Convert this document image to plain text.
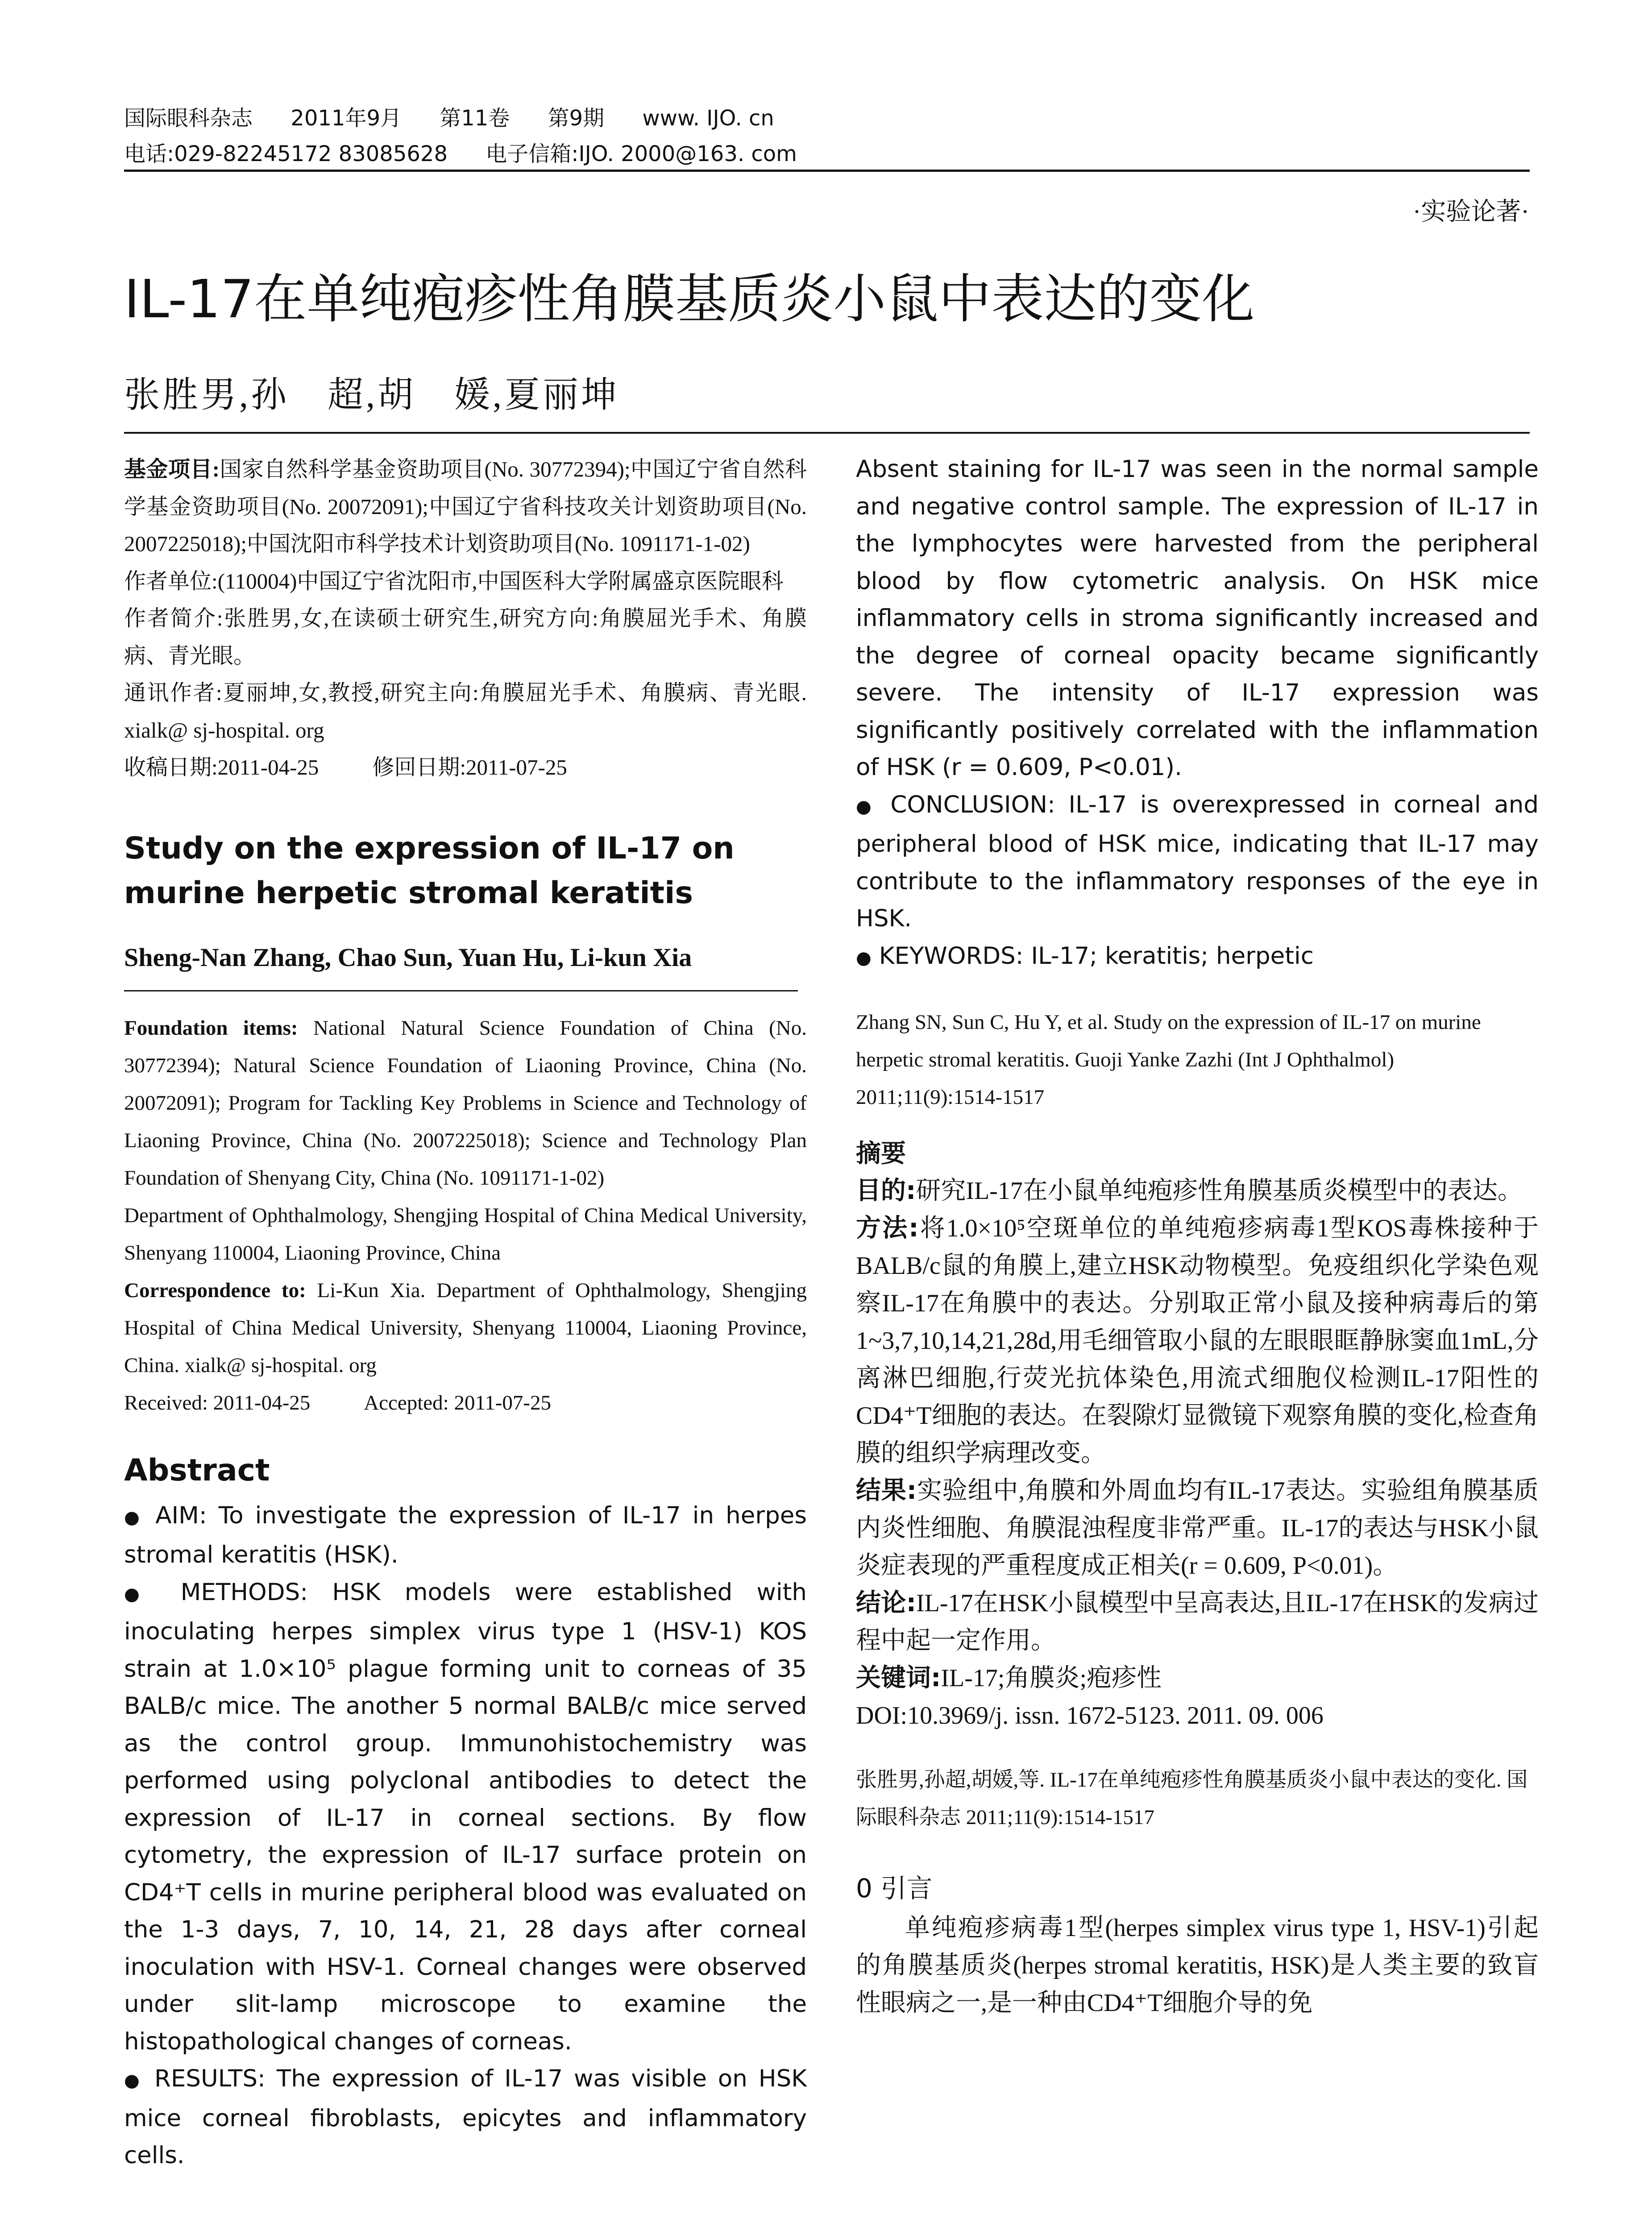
国际眼科杂志 2011年9月 第11卷 第9期 www. IJO. cn
电话:029-82245172 83085628 电子信箱:IJO. 2000@163. com
·实验论著·
IL-17在单纯疱疹性角膜基质炎小鼠中表达的变化
张胜男,孙　超,胡　媛,夏丽坤

基金项目:国家自然科学基金资助项目(No. 30772394);中国辽宁省自然科学基金资助项目(No. 20072091);中国辽宁省科技攻关计划资助项目(No. 2007225018);中国沈阳市科学技术计划资助项目(No. 1091171-1-02)

作者单位:(110004)中国辽宁省沈阳市,中国医科大学附属盛京医院眼科

作者简介:张胜男,女,在读硕士研究生,研究方向:角膜屈光手术、角膜病、青光眼。

通讯作者:夏丽坤,女,教授,研究主向:角膜屈光手术、角膜病、青光眼. xialk@ sj-hospital. org

收稿日期:2011-04-25 修回日期:2011-07-25

Study on the expression of IL-17 on murine herpetic stromal keratitis
Sheng-Nan Zhang, Chao Sun, Yuan Hu, Li-kun Xia

Foundation items: National Natural Science Foundation of China (No. 30772394); Natural Science Foundation of Liaoning Province, China (No. 20072091); Program for Tackling Key Problems in Science and Technology of Liaoning Province, China (No. 2007225018); Science and Technology Plan Foundation of Shenyang City, China (No. 1091171-1-02)

Department of Ophthalmology, Shengjing Hospital of China Medical University, Shenyang 110004, Liaoning Province, China

Correspondence to: Li-Kun Xia. Department of Ophthalmology, Shengjing Hospital of China Medical University, Shenyang 110004, Liaoning Province, China. xialk@ sj-hospital. org

Received: 2011-04-25	Accepted: 2011-07-25

Abstract

● AIM: To investigate the expression of IL-17 in herpes stromal keratitis (HSK).

● METHODS: HSK models were established with inoculating herpes simplex virus type 1 (HSV-1) KOS strain at 1.0×10⁵ plague forming unit to corneas of 35 BALB/c mice. The another 5 normal BALB/c mice served as the control group. Immunohistochemistry was performed using polyclonal antibodies to detect the expression of IL-17 in corneal sections. By flow cytometry, the expression of IL-17 surface protein on CD4⁺T cells in murine peripheral blood was evaluated on the 1-3 days, 7, 10, 14, 21, 28 days after corneal inoculation with HSV-1. Corneal changes were observed under slit-lamp microscope to examine the histopathological changes of corneas.

● RESULTS: The expression of IL-17 was visible on HSK mice corneal fibroblasts, epicytes and inflammatory cells.

Absent staining for IL-17 was seen in the normal sample and negative control sample. The expression of IL-17 in the lymphocytes were harvested from the peripheral blood by flow cytometric analysis. On HSK mice inflammatory cells in stroma significantly increased and the degree of corneal opacity became significantly severe. The intensity of IL-17 expression was significantly positively correlated with the inflammation of HSK (r = 0.609, P<0.01).

● CONCLUSION: IL-17 is overexpressed in corneal and peripheral blood of HSK mice, indicating that IL-17 may contribute to the inflammatory responses of the eye in HSK.

● KEYWORDS: IL-17; keratitis; herpetic

Zhang SN, Sun C, Hu Y, et al. Study on the expression of IL-17 on murine herpetic stromal keratitis. Guoji Yanke Zazhi (Int J Ophthalmol) 2011;11(9):1514-1517

摘要

目的:研究IL-17在小鼠单纯疱疹性角膜基质炎模型中的表达。

方法:将1.0×10⁵空斑单位的单纯疱疹病毒1型KOS毒株接种于BALB/c鼠的角膜上,建立HSK动物模型。免疫组织化学染色观察IL-17在角膜中的表达。分别取正常小鼠及接种病毒后的第1~3,7,10,14,21,28d,用毛细管取小鼠的左眼眼眶静脉窦血1mL,分离淋巴细胞,行荧光抗体染色,用流式细胞仪检测IL-17阳性的CD4⁺T细胞的表达。在裂隙灯显微镜下观察角膜的变化,检查角膜的组织学病理改变。

结果:实验组中,角膜和外周血均有IL-17表达。实验组角膜基质内炎性细胞、角膜混浊程度非常严重。IL-17的表达与HSK小鼠炎症表现的严重程度成正相关(r = 0.609, P<0.01)。

结论:IL-17在HSK小鼠模型中呈高表达,且IL-17在HSK的发病过程中起一定作用。

关键词:IL-17;角膜炎;疱疹性

DOI:10.3969/j. issn. 1672-5123. 2011. 09. 006

张胜男,孙超,胡媛,等. IL-17在单纯疱疹性角膜基质炎小鼠中表达的变化. 国际眼科杂志 2011;11(9):1514-1517

0 引言

单纯疱疹病毒1型(herpes simplex virus type 1, HSV-1)引起的角膜基质炎(herpes stromal keratitis, HSK)是人类主要的致盲性眼病之一,是一种由CD4⁺T细胞介导的免
